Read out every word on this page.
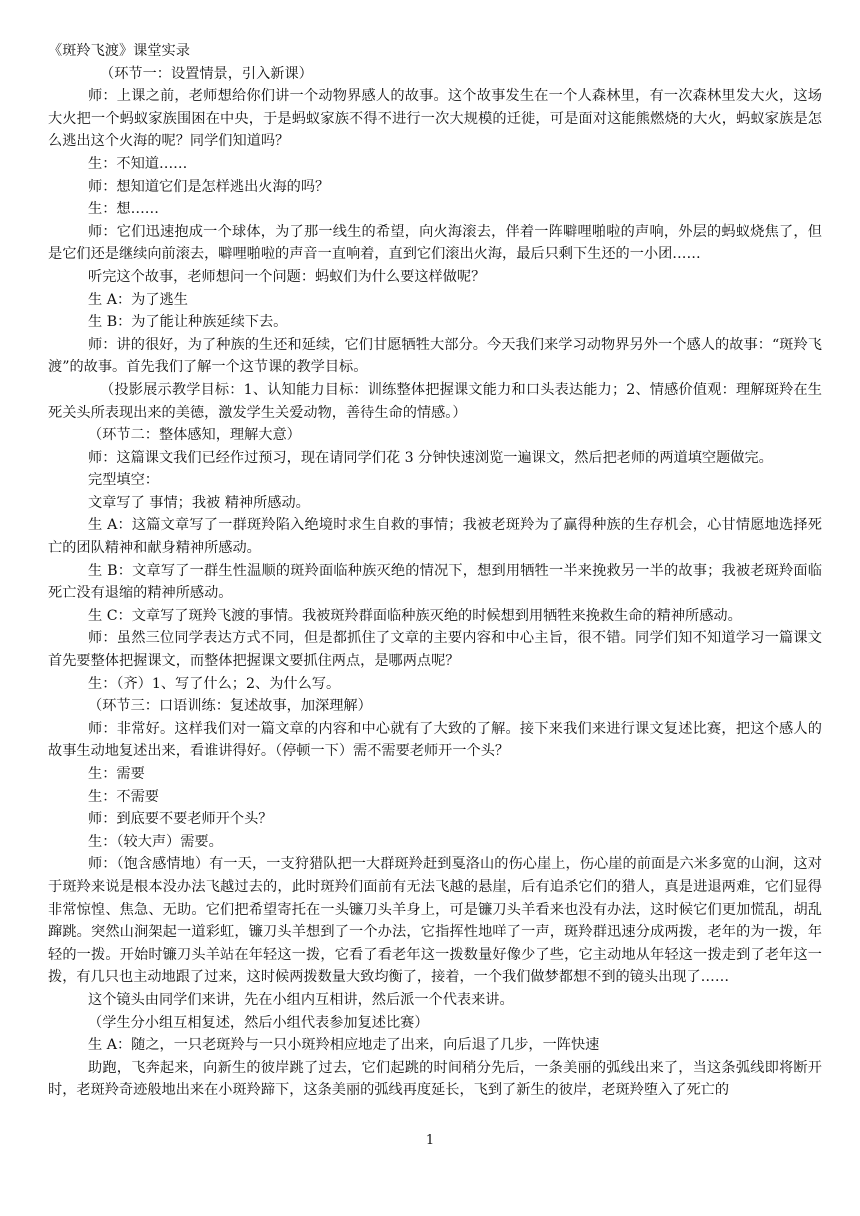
《斑羚飞渡》课堂实录

（环节一：设置情景，引入新课）

师：上课之前，老师想给你们讲一个动物界感人的故事。这个故事发生在一个人森林里，有一次森林里发大火，这场大火把一个蚂蚁家族围困在中央，于是蚂蚁家族不得不进行一次大规模的迁徙，可是面对这能熊燃烧的大火，蚂蚁家族是怎么逃出这个火海的呢？同学们知道吗？

生：不知道……

师：想知道它们是怎样逃出火海的吗？

生：想……

师：它们迅速抱成一个球体，为了那一线生的希望，向火海滚去，伴着一阵噼哩啪啦的声响，外层的蚂蚁烧焦了，但是它们还是继续向前滚去，噼哩啪啦的声音一直响着，直到它们滚出火海，最后只剩下生还的一小团……

听完这个故事，老师想问一个问题：蚂蚁们为什么要这样做呢？

生 A：为了逃生

生 B：为了能让种族延续下去。

师：讲的很好，为了种族的生还和延续，它们甘愿牺牲大部分。今天我们来学习动物界另外一个感人的故事：“斑羚飞渡”的故事。首先我们了解一个这节课的教学目标。

（投影展示教学目标：1、认知能力目标：训练整体把握课文能力和口头表达能力；2、情感价值观：理解斑羚在生死关头所表现出来的美德，激发学生关爱动物，善待生命的情感。）

（环节二：整体感知，理解大意）

师：这篇课文我们已经作过预习，现在请同学们花 3 分钟快速浏览一遍课文，然后把老师的两道填空题做完。

完型填空：

文章写了 事情；我被 精神所感动。

生 A：这篇文章写了一群斑羚陷入绝境时求生自救的事情；我被老斑羚为了赢得种族的生存机会，心甘情愿地选择死亡的团队精神和献身精神所感动。

生 B：文章写了一群生性温顺的斑羚面临种族灭绝的情况下，想到用牺牲一半来挽救另一半的故事；我被老斑羚面临死亡没有退缩的精神所感动。

生 C：文章写了斑羚飞渡的事情。我被斑羚群面临种族灭绝的时候想到用牺牲来挽救生命的精神所感动。

师：虽然三位同学表达方式不同，但是都抓住了文章的主要内容和中心主旨，很不错。同学们知不知道学习一篇课文首先要整体把握课文，而整体把握课文要抓住两点，是哪两点呢？

生：（齐）1、写了什么；2、为什么写。

（环节三：口语训练：复述故事，加深理解）

师：非常好。这样我们对一篇文章的内容和中心就有了大致的了解。接下来我们来进行课文复述比赛，把这个感人的故事生动地复述出来，看谁讲得好。（停顿一下）需不需要老师开一个头？

生：需要

生：不需要

师：到底要不要老师开个头？

生：（较大声）需要。

师：（饱含感情地）有一天，一支狩猎队把一大群斑羚赶到戛洛山的伤心崖上，伤心崖的前面是六米多宽的山涧，这对于斑羚来说是根本没办法飞越过去的，此时斑羚们面前有无法飞越的悬崖，后有追杀它们的猎人，真是进退两难，它们显得非常惊惶、焦急、无助。它们把希望寄托在一头镰刀头羊身上，可是镰刀头羊看来也没有办法，这时候它们更加慌乱，胡乱蹿跳。突然山涧架起一道彩虹，镰刀头羊想到了一个办法，它指挥性地咩了一声，斑羚群迅速分成两拨，老年的为一拨，年轻的一拨。开始时镰刀头羊站在年轻这一拨，它看了看老年这一拨数量好像少了些，它主动地从年轻这一拨走到了老年这一拨，有几只也主动地跟了过来，这时候两拨数量大致均衡了，接着，一个我们做梦都想不到的镜头出现了……

这个镜头由同学们来讲，先在小组内互相讲，然后派一个代表来讲。

（学生分小组互相复述，然后小组代表参加复述比赛）

生 A：随之，一只老斑羚与一只小斑羚相应地走了出来，向后退了几步，一阵快速

助跑，飞奔起来，向新生的彼岸跳了过去，它们起跳的时间稍分先后，一条美丽的弧线出来了，当这条弧线即将断开时，老斑羚奇迹般地出来在小斑羚蹄下，这条美丽的弧线再度延长，飞到了新生的彼岸，老斑羚堕入了死亡的

1
